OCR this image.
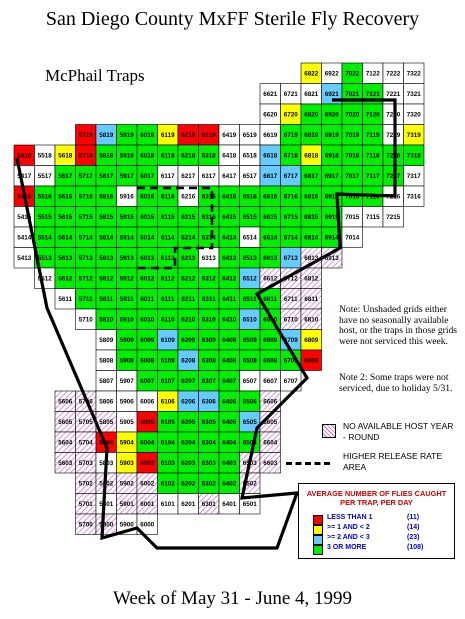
San Diego County MxFF Sterile Fly Recovery
6822 6922 7022 7122 7222 7322
6621 6721 6821 6921 7021 7121 7221 7321
6620 6720 6820 6920 7020 7120 7220 7320
5719 5819 5919 6019 6119 6219 6319 6419 6519 6619 6719 6819 6919 7019 7119 7219 7319
5418 5518 5618 5718 5818 5918 6018 6118 6218 6318 6418 6518 6618 6718 6818 6918 7018 7118 7218 7318
5417 5517 5617 5717 5817 5917 6017 6117 6217 6317 6417 6517 6617 6717 6817 6917 7017 7117 7217 7317
5416 5516 5616 5716 5816 5916 6016 6116 6216 6316 6416 6516 6616 6716 6816 6916 7016 7116 7216 7316
5415 5515 5615 5715 5815 5915 6015 6115 6215 6315 6415 6515 6615 6715 6815 6915 7015 7115 7215
5414 5514 5614 5714 5814 5914 6014 6114 6214 6314 6414 6514 6614 6714 6814 6914 7014
5413 5513 5613 5713 5813 5913 6013 6113 6213 6313 6413 6513 6613 6713 6813 6913
5512 5612 5712 5812 5912 6012 6112 6212 6312 6412 6512 6612 6712 6812
5611 5711 5811 5911 6011 6111 6211 6311 6411 6511 6611 6711 6811
5710 5810 5910 6010 6110 6210 6310 6410 6510 6610 6710 6810
5809 5909 6009 6109 6209 6309 6409 6509 6609 6709 6809
5808 5908 6008 6108 6208 6308 6408 6508 6608 6708 6808
5807 5907 6007 6107 6207 6307 6407 6507 6607 6707
5606 5706 5806 5906 6006 6106 6206 6306 6406 6506 6606
5605 5705 5805 5905 6005 6105 6205 6305 6405 6505 6605
5604 5704 5804 5904 6004 6104 6204 6304 6404 6504 6604
5603 5703 5803 5903 6003 6103 6203 6303 6403 6503 6603
5702 5802 5902 6002 6102 6202 6302 6402 6502
5701 5801 5901 6001 6101 6201 6301 6401 6501
5700 5800 5900 6000
McPhail Traps
Note: Unshaded grids either have no seasonally available host, or the traps in those grids were not serviced this week.
Note 2: Some traps were not serviced, due to holiday 5/31.
NO AVAILABLE HOST YEAR - ROUND
HIGHER RELEASE RATE AREA
AVERAGE NUMBER OF FLIES CAUGHT PER TRAP, PER DAY
LESS THAN 1	(11)
>= 1 AND < 2	(14)
>= 2 AND < 3	(23)
3 OR MORE	(108)
Week of May 31 - June 4, 1999
